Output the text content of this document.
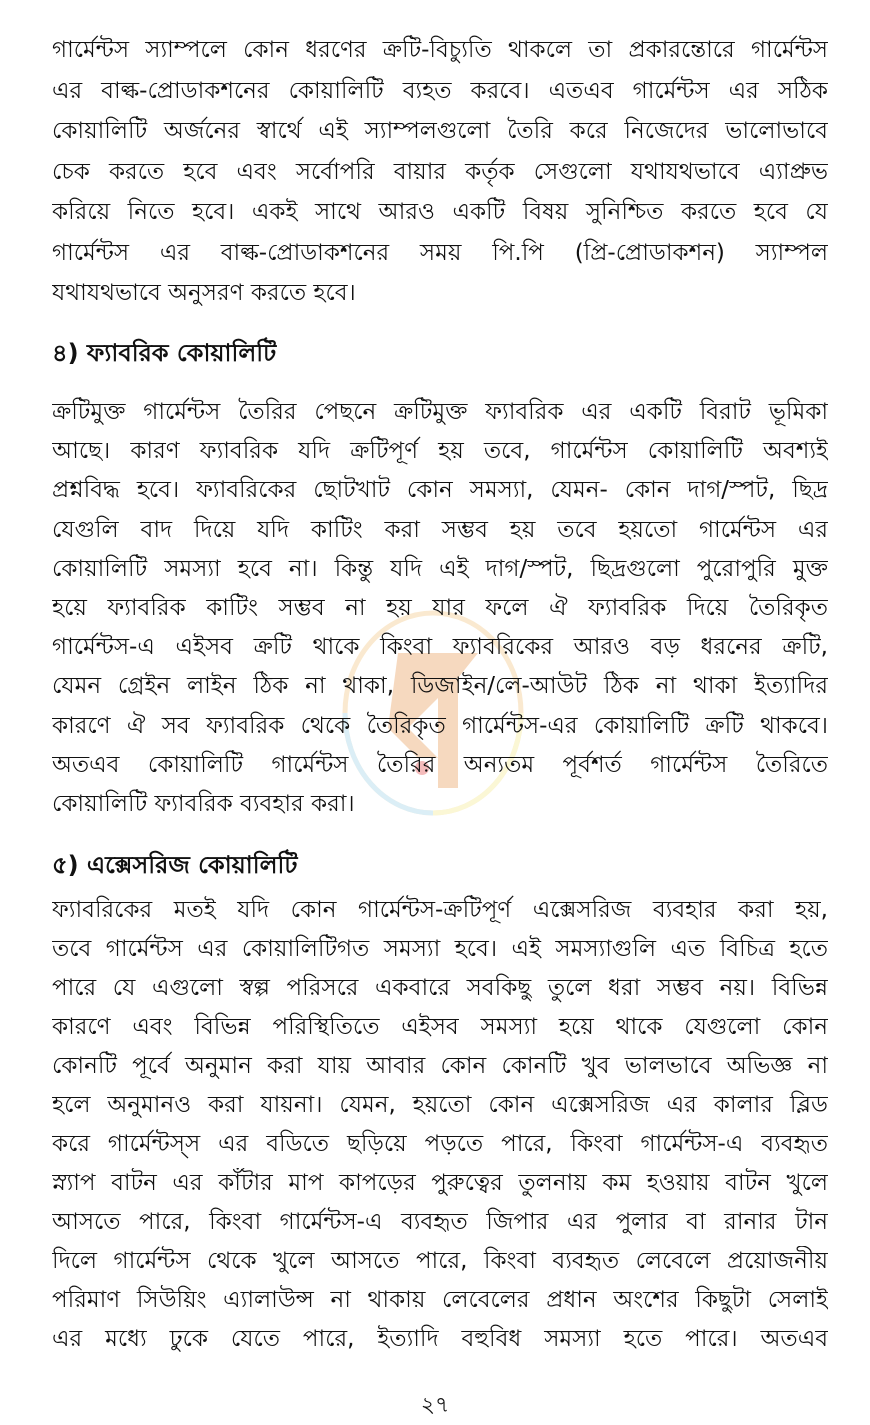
গার্মেন্টস স্যাম্পলে কোন ধরণের ক্রটি-বিচ্যুতি থাকলে তা প্রকারন্তোরে গার্মেন্টস
এর বাল্ক-প্রোডাকশনের কোয়ালিটি ব্যহত করবে। এতএব গার্মেন্টস এর সঠিক
কোয়ালিটি অর্জনের স্বার্থে এই স্যাম্পলগুলো তৈরি করে নিজেদের ভালোভাবে
চেক করতে হবে এবং সর্বোপরি বায়ার কর্তৃক সেগুলো যথাযথভাবে এ্যাপ্রুভ
করিয়ে নিতে হবে। একই সাথে আরও একটি বিষয় সুনিশ্চিত করতে হবে যে
গার্মেন্টস এর বাল্ক-প্রোডাকশনের সময় পি.পি (প্রি-প্রোডাকশন) স্যাম্পল
যথাযথভাবে অনুসরণ করতে হবে।
৪) ফ্যাবরিক কোয়ালিটি
ক্রটিমুক্ত গার্মেন্টস তৈরির পেছনে ক্রটিমুক্ত ফ্যাবরিক এর একটি বিরাট ভূমিকা
আছে। কারণ ফ্যাবরিক যদি ক্রটিপূর্ণ হয় তবে, গার্মেন্টস কোয়ালিটি অবশ্যই
প্রশ্নবিদ্ধ হবে। ফ্যাবরিকের ছোটখাট কোন সমস্যা, যেমন- কোন দাগ/স্পট, ছিদ্র
যেগুলি বাদ দিয়ে যদি কাটিং করা সম্ভব হয় তবে হয়তো গার্মেন্টস এর
কোয়ালিটি সমস্যা হবে না। কিন্তু যদি এই দাগ/স্পট, ছিদ্রগুলো পুরোপুরি মুক্ত
হয়ে ফ্যাবরিক কাটিং সম্ভব না হয় যার ফলে ঐ ফ্যাবরিক দিয়ে তৈরিকৃত
গার্মেন্টস-এ এইসব ক্রটি থাকে কিংবা ফ্যাবরিকের আরও বড় ধরনের ক্রটি,
যেমন গ্রেইন লাইন ঠিক না থাকা, ডিজাইন/লে-আউট ঠিক না থাকা ইত্যাদির
কারণে ঐ সব ফ্যাবরিক থেকে তৈরিকৃত গার্মেন্টস-এর কোয়ালিটি ক্রটি থাকবে।
অতএব কোয়ালিটি গার্মেন্টস তৈরির অন্যতম পূর্বশর্ত গার্মেন্টস তৈরিতে
কোয়ালিটি ফ্যাবরিক ব্যবহার করা।
৫) এক্সেসরিজ কোয়ালিটি
ফ্যাবরিকের মতই যদি কোন গার্মেন্টস-ক্রটিপূর্ণ এক্সেসরিজ ব্যবহার করা হয়,
তবে গার্মেন্টস এর কোয়ালিটিগত সমস্যা হবে। এই সমস্যাগুলি এত বিচিত্র হতে
পারে যে এগুলো স্বল্প পরিসরে একবারে সবকিছু তুলে ধরা সম্ভব নয়। বিভিন্ন
কারণে এবং বিভিন্ন পরিস্থিতিতে এইসব সমস্যা হয়ে থাকে যেগুলো কোন
কোনটি পূর্বে অনুমান করা যায় আবার কোন কোনটি খুব ভালভাবে অভিজ্ঞ না
হলে অনুমানও করা যায়না। যেমন, হয়তো কোন এক্সেসরিজ এর কালার ব্লিড
করে গার্মেন্টস্স এর বডিতে ছড়িয়ে পড়তে পারে, কিংবা গার্মেন্টস-এ ব্যবহৃত
স্ন্যাপ বাটন এর কাঁটার মাপ কাপড়ের পুরুত্বের তুলনায় কম হওয়ায় বাটন খুলে
আসতে পারে, কিংবা গার্মেন্টস-এ ব্যবহৃত জিপার এর পুলার বা রানার টান
দিলে গার্মেন্টস থেকে খুলে আসতে পারে, কিংবা ব্যবহৃত লেবেলে প্রয়োজনীয়
পরিমাণ সিউয়িং এ্যালাউন্স না থাকায় লেবেলের প্রধান অংশের কিছুটা সেলাই
এর মধ্যে ঢুকে যেতে পারে, ইত্যাদি বহুবিধ সমস্যা হতে পারে। অতএব
২৭
